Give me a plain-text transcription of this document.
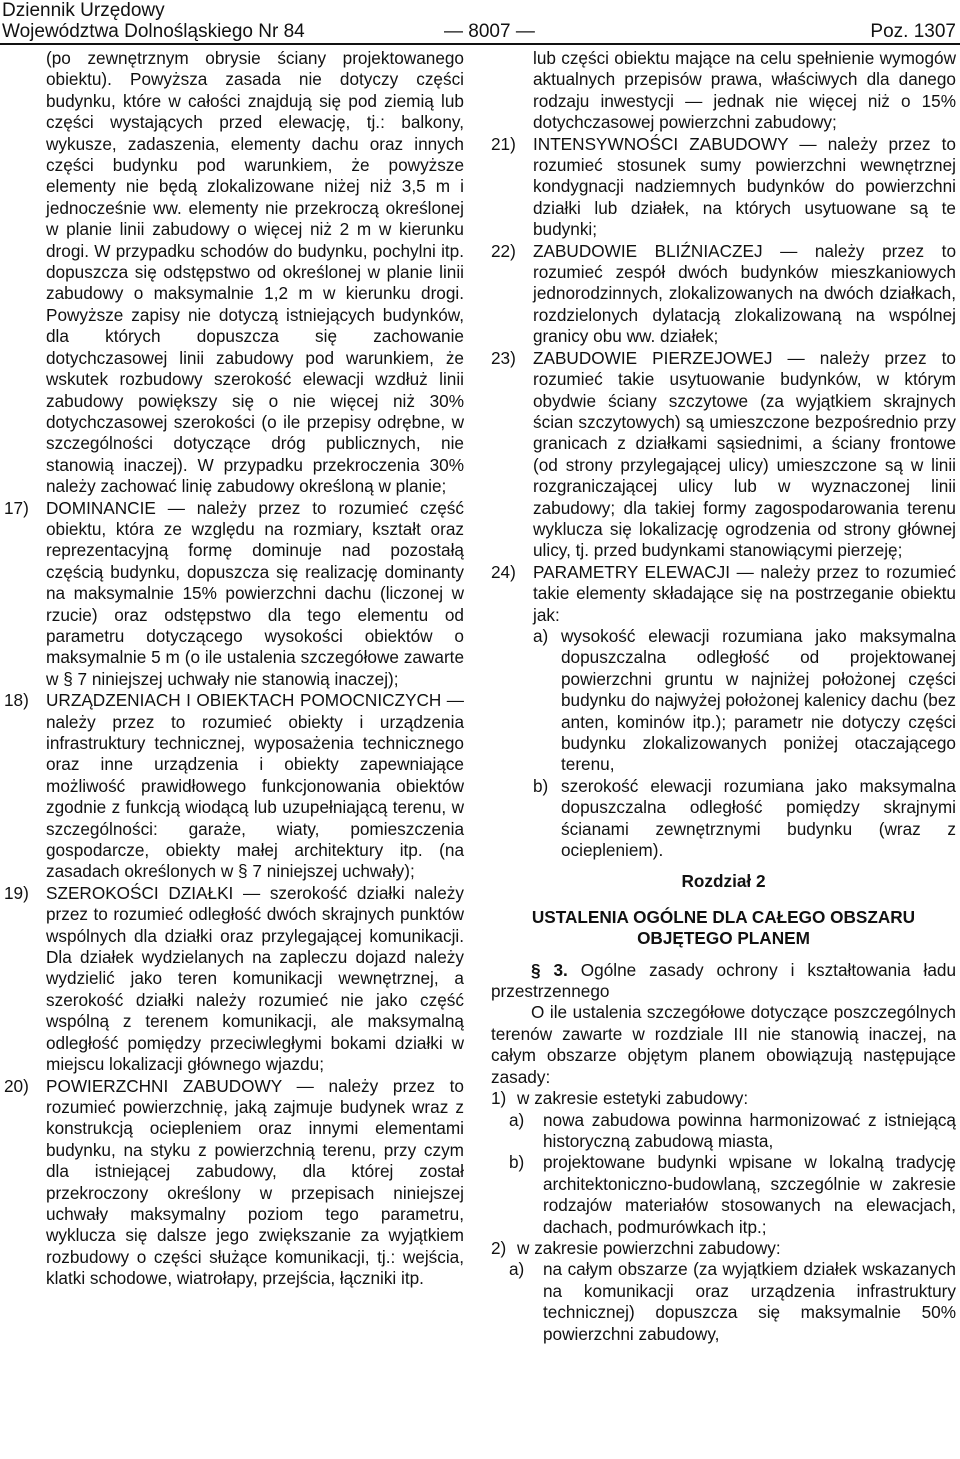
Dziennik Urzędowy
Województwa Dolnośląskiego Nr 84	— 8007 —	Poz. 1307

(po zewnętrznym obrysie ściany projektowanego obiektu). Powyższa zasada nie dotyczy części budynku, które w całości znajdują się pod ziemią lub części wystających przed elewację, tj.: balkony, wykusze, zadaszenia, elementy dachu oraz innych części budynku pod warunkiem, że powyższe elementy nie będą zlokalizowane niżej niż 3,5 m i jednocześnie ww. elementy nie przekroczą określonej w planie linii zabudowy o więcej niż 2 m w kierunku drogi. W przypadku schodów do budynku, pochylni itp. dopuszcza się odstępstwo od określonej w planie linii zabudowy o maksymalnie 1,2 m w kierunku drogi. Powyższe zapisy nie dotyczą istniejących budynków, dla których dopuszcza się zachowanie dotychczasowej linii zabudowy pod warunkiem, że wskutek rozbudowy szerokość elewacji wzdłuż linii zabudowy powiększy się o nie więcej niż 30% dotychczasowej szerokości (o ile przepisy odrębne, w szczególności dotyczące dróg publicznych, nie stanowią inaczej). W przypadku przekroczenia 30% należy zachować linię zabudowy określoną w planie;

17) DOMINANCIE — należy przez to rozumieć część obiektu, która ze względu na rozmiary, kształt oraz reprezentacyjną formę dominuje nad pozostałą częścią budynku, dopuszcza się realizację dominanty na maksymalnie 15% powierzchni dachu (liczonej w rzucie) oraz odstępstwo dla tego elementu od parametru dotyczącego wysokości obiektów o maksymalnie 5 m (o ile ustalenia szczegółowe zawarte w § 7 niniejszej uchwały nie stanowią inaczej);
18) URZĄDZENIACH I OBIEKTACH POMOCNICZYCH — należy przez to rozumieć obiekty i urządzenia infrastruktury technicznej, wyposażenia technicznego oraz inne urządzenia i obiekty zapewniające możliwość prawidłowego funkcjonowania obiektów zgodnie z funkcją wiodącą lub uzupełniającą terenu, w szczególności: garaże, wiaty, pomieszczenia gospodarcze, obiekty małej architektury itp. (na zasadach określonych w § 7 niniejszej uchwały);
19) SZEROKOŚCI DZIAŁKI — szerokość działki należy przez to rozumieć odległość dwóch skrajnych punktów wspólnych dla działki oraz przylegającej komunikacji. Dla działek wydzielanych na zapleczu dojazd należy wydzielić jako teren komunikacji wewnętrznej, a szerokość działki należy rozumieć nie jako część wspólną z terenem komunikacji, ale maksymalną odległość pomiędzy przeciwległymi bokami działki w miejscu lokalizacji głównego wjazdu;
20) POWIERZCHNI ZABUDOWY — należy przez to rozumieć powierzchnię, jaką zajmuje budynek wraz z konstrukcją ociepleniem oraz innymi elementami budynku, na styku z powierzchnią terenu, przy czym dla istniejącej zabudowy, dla której został przekroczony określony w przepisach niniejszej uchwały maksymalny poziom tego parametru, wyklucza się dalsze jego zwiększanie za wyjątkiem rozbudowy o części służące komunikacji, tj.: wejścia, klatki schodowe, wiatrołapy, przejścia, łączniki itp.

lub części obiektu mające na celu spełnienie wymogów aktualnych przepisów prawa, właściwych dla danego rodzaju inwestycji — jednak nie więcej niż o 15% dotychczasowej powierzchni zabudowy;

21) INTENSYWNOŚCI ZABUDOWY — należy przez to rozumieć stosunek sumy powierzchni wewnętrznej kondygnacji nadziemnych budynków do powierzchni działki lub działek, na których usytuowane są te budynki;
22) ZABUDOWIE BLIŹNIACZEJ — należy przez to rozumieć zespół dwóch budynków mieszkaniowych jednorodzinnych, zlokalizowanych na dwóch działkach, rozdzielonych dylatacją zlokalizowaną na wspólnej granicy obu ww. działek;
23) ZABUDOWIE PIERZEJOWEJ — należy przez to rozumieć takie usytuowanie budynków, w którym obydwie ściany szczytowe (za wyjątkiem skrajnych ścian szczytowych) są umieszczone bezpośrednio przy granicach z działkami sąsiednimi, a ściany frontowe (od strony przylegającej ulicy) umieszczone są w linii rozgraniczającej ulicy lub w wyznaczonej linii zabudowy; dla takiej formy zagospodarowania terenu wyklucza się lokalizację ogrodzenia od strony głównej ulicy, tj. przed budynkami stanowiącymi pierzeję;
24) PARAMETRY ELEWACJI — należy przez to rozumieć takie elementy składające się na postrzeganie obiektu jak:
a) wysokość elewacji rozumiana jako maksymalna dopuszczalna odległość od projektowanej powierzchni gruntu w najniżej położonej części budynku do najwyżej położonej kalenicy dachu (bez anten, kominów itp.); parametr nie dotyczy części budynku zlokalizowanych poniżej otaczającego terenu,
b) szerokość elewacji rozumiana jako maksymalna dopuszczalna odległość pomiędzy skrajnymi ścianami zewnętrznymi budynku (wraz z ociepleniem).

Rozdział 2

USTALENIA OGÓLNE DLA CAŁEGO OBSZARU OBJĘTEGO PLANEM

§ 3. Ogólne zasady ochrony i kształtowania ładu przestrzennego

O ile ustalenia szczegółowe dotyczące poszczególnych terenów zawarte w rozdziale III nie stanowią inaczej, na całym obszarze objętym planem obowiązują następujące zasady:

1) w zakresie estetyki zabudowy:
a) nowa zabudowa powinna harmonizować z istniejącą historyczną zabudową miasta,
b) projektowane budynki wpisane w lokalną tradycję architektoniczno-budowlaną, szczególnie w zakresie rodzajów materiałów stosowanych na elewacjach, dachach, podmurówkach itp.;
2) w zakresie powierzchni zabudowy:
a) na całym obszarze (za wyjątkiem działek wskazanych na komunikacji oraz urządzenia infrastruktury technicznej) dopuszcza się maksymalnie 50% powierzchni zabudowy,
